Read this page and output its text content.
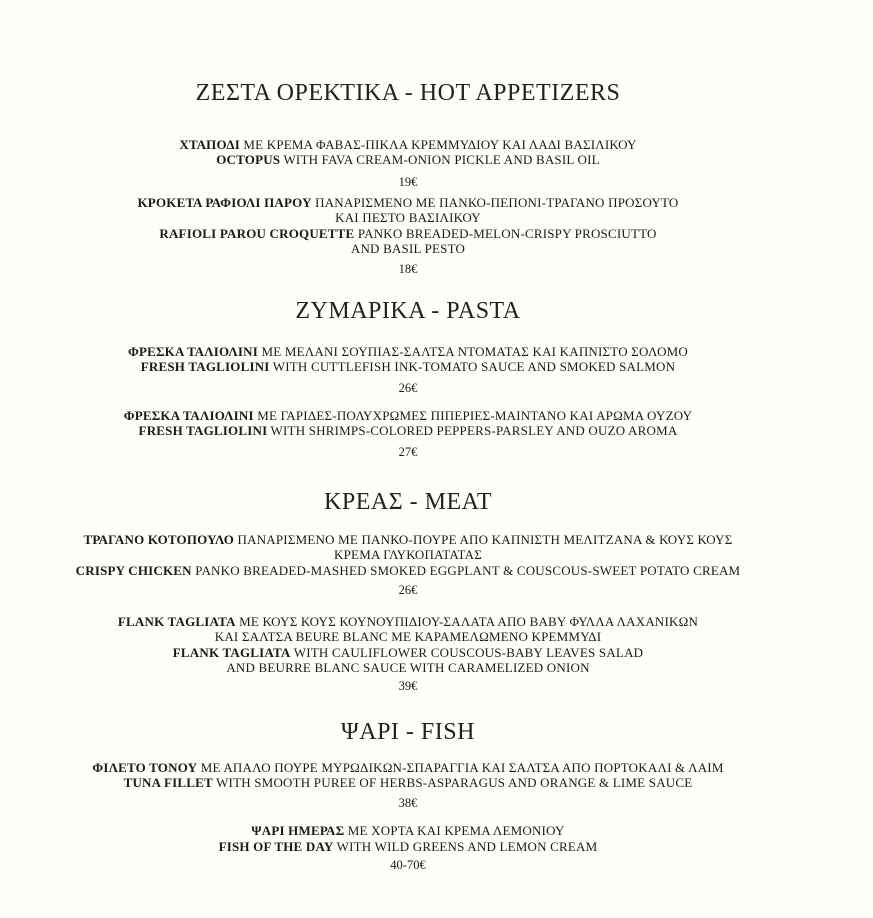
ΖΕΣΤΑ ΟΡΕΚΤΙΚΑ - HOT APPETIZERS
ΧΤΑΠΟΔΙ ΜΕ ΚΡΕΜΑ ΦΑΒΑΣ-ΠΙΚΛΑ ΚΡΕΜΜΥΔΙΟΥ ΚΑΙ ΛΑΔΙ ΒΑΣΙΛΙΚΟΥ
OCTOPUS WITH FAVA CREAM-ONION PICKLE AND BASIL OIL
19€
ΚΡΟΚΕΤΑ ΡΑΦΙΟΛΙ ΠΑΡΟΥ ΠΑΝΑΡΙΣΜΕΝΟ ΜΕ ΠΑΝΚΟ-ΠΕΠΟΝΙ-ΤΡΑΓΑΝΟ ΠΡΟΣΟΥΤΟ
ΚΑΙ ΠΕΣΤΟ ΒΑΣΙΛΙΚΟΥ
RAFIOLI PAROU CROQUETTE PANKO BREADED-MELON-CRISPY PROSCIUTTO
AND BASIL PESTO
18€
ΖΥΜΑΡΙΚΑ - PASTA
ΦΡΕΣΚΑ ΤΑΛΙΟΛΙΝΙ ΜΕ ΜΕΛΑΝΙ ΣΟΥΠΙΑΣ-ΣΑΛΤΣΑ ΝΤΟΜΑΤΑΣ ΚΑΙ ΚΑΠΝΙΣΤΟ ΣΟΛΟΜΟ
FRESH TAGLIOLINI WITH CUTTLEFISH INK-TOMATO SAUCE AND SMOKED SALMON
26€
ΦΡΕΣΚΑ ΤΑΛΙΟΛΙΝΙ ΜΕ ΓΑΡΙΔΕΣ-ΠΟΛΥΧΡΩΜΕΣ ΠΙΠΕΡΙΕΣ-ΜΑΙΝΤΑΝΟ ΚΑΙ ΑΡΩΜΑ ΟΥΖΟΥ
FRESH TAGLIOLINI WITH SHRIMPS-COLORED PEPPERS-PARSLEY AND OUZO AROMA
27€
ΚΡΕΑΣ - MEAT
ΤΡΑΓΑΝΟ ΚΟΤΟΠΟΥΛΟ ΠΑΝΑΡΙΣΜΕΝΟ ΜΕ ΠΑΝΚΟ-ΠΟΥΡΕ ΑΠΟ ΚΑΠΝΙΣΤΗ ΜΕΛΙΤΖΑΝΑ & ΚΟΥΣ ΚΟΥΣ
ΚΡΕΜΑ ΓΛΥΚΟΠΑΤΑΤΑΣ
CRISPY CHICKEN PANKO BREADED-MASHED SMOKED EGGPLANT & COUSCOUS-SWEET POTATO CREAM
26€
FLANK TAGLIATA ΜΕ ΚΟΥΣ ΚΟΥΣ ΚΟΥΝΟΥΠΙΔΙΟΥ-ΣΑΛΑΤΑ ΑΠΟ BABY ΦΥΛΛΑ ΛΑΧΑΝΙΚΩΝ
ΚΑΙ ΣΑΛΤΣΑ BEURE BLANC ΜΕ ΚΑΡΑΜΕΛΩΜΕΝΟ ΚΡΕΜΜΥΔΙ
FLANK TAGLIATA WITH CAULIFLOWER COUSCOUS-BABY LEAVES SALAD
AND BEURRE BLANC SAUCE WITH CARAMELIZED ONION
39€
ΨΑΡΙ - FISH
ΦΙΛΕΤΟ ΤΟΝΟΥ ΜΕ ΑΠΑΛΟ ΠΟΥΡΕ ΜΥΡΩΔΙΚΩΝ-ΣΠΑΡΑΓΓΙΑ ΚΑΙ ΣΑΛΤΣΑ ΑΠΟ ΠΟΡΤΟΚΑΛΙ & ΛΑΙΜ
TUNA FILLET WITH SMOOTH PUREE OF HERBS-ASPARAGUS AND ORANGE & LIME SAUCE
38€
ΨΑΡΙ ΗΜΕΡΑΣ ΜΕ ΧΟΡΤΑ ΚΑΙ ΚΡΕΜΑ ΛΕΜΟΝΙΟΥ
FISH OF THE DAY WITH WILD GREENS AND LEMON CREAM
40-70€
